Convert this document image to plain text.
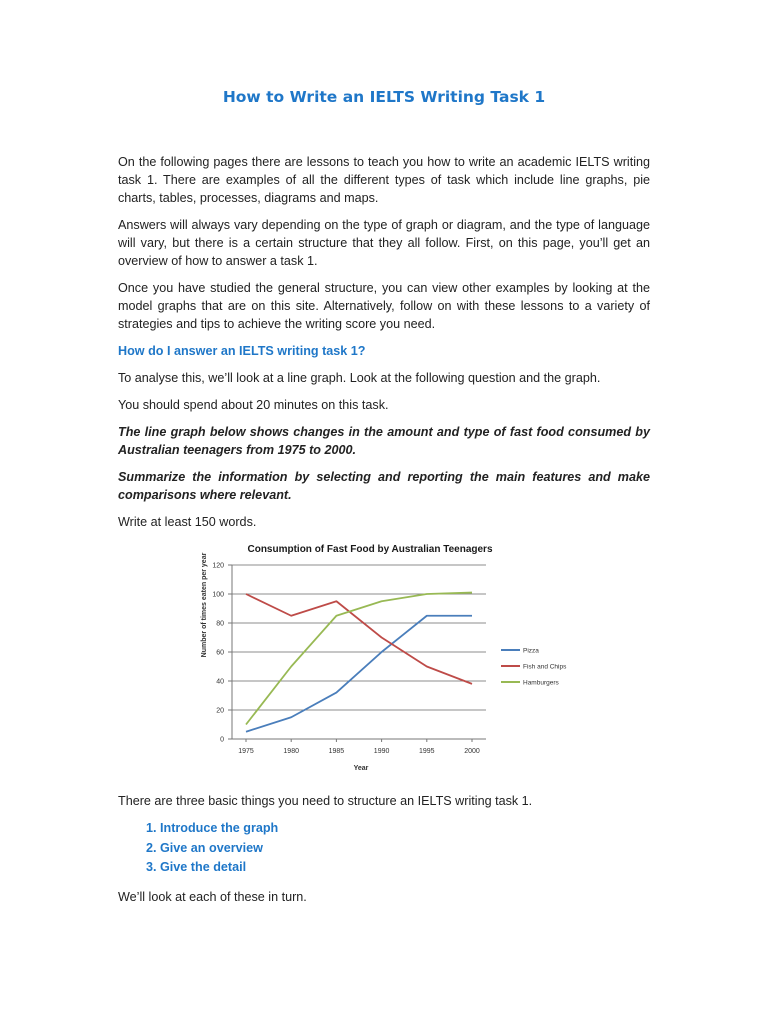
How to Write an IELTS Writing Task 1

On the following pages there are lessons to teach you how to write an academic IELTS writing task 1. There are examples of all the different types of task which include line graphs, pie charts, tables, processes, diagrams and maps.

Answers will always vary depending on the type of graph or diagram, and the type of language will vary, but there is a certain structure that they all follow. First, on this page, you’ll get an overview of how to answer a task 1.

Once you have studied the general structure, you can view other examples by looking at the model graphs that are on this site. Alternatively, follow on with these lessons to a variety of strategies and tips to achieve the writing score you need.

How do I answer an IELTS writing task 1?

To analyse this, we’ll look at a line graph. Look at the following question and the graph.

You should spend about 20 minutes on this task.

The line graph below shows changes in the amount and type of fast food consumed by Australian teenagers from 1975 to 2000.

Summarize the information by selecting and reporting the main features and make comparisons where relevant.

Write at least 150 words.

Consumption of Fast Food by Australian Teenagers
0
20
40
60
80
100
120
1975	1980	1985	1990	1995	2000
Year
Number of times eaten per year	Pizza
Fish and Chips
Hamburgers

There are three basic things you need to structure an IELTS writing task 1.

1. Introduce the graph
2. Give an overview
3. Give the detail

We’ll look at each of these in turn.
